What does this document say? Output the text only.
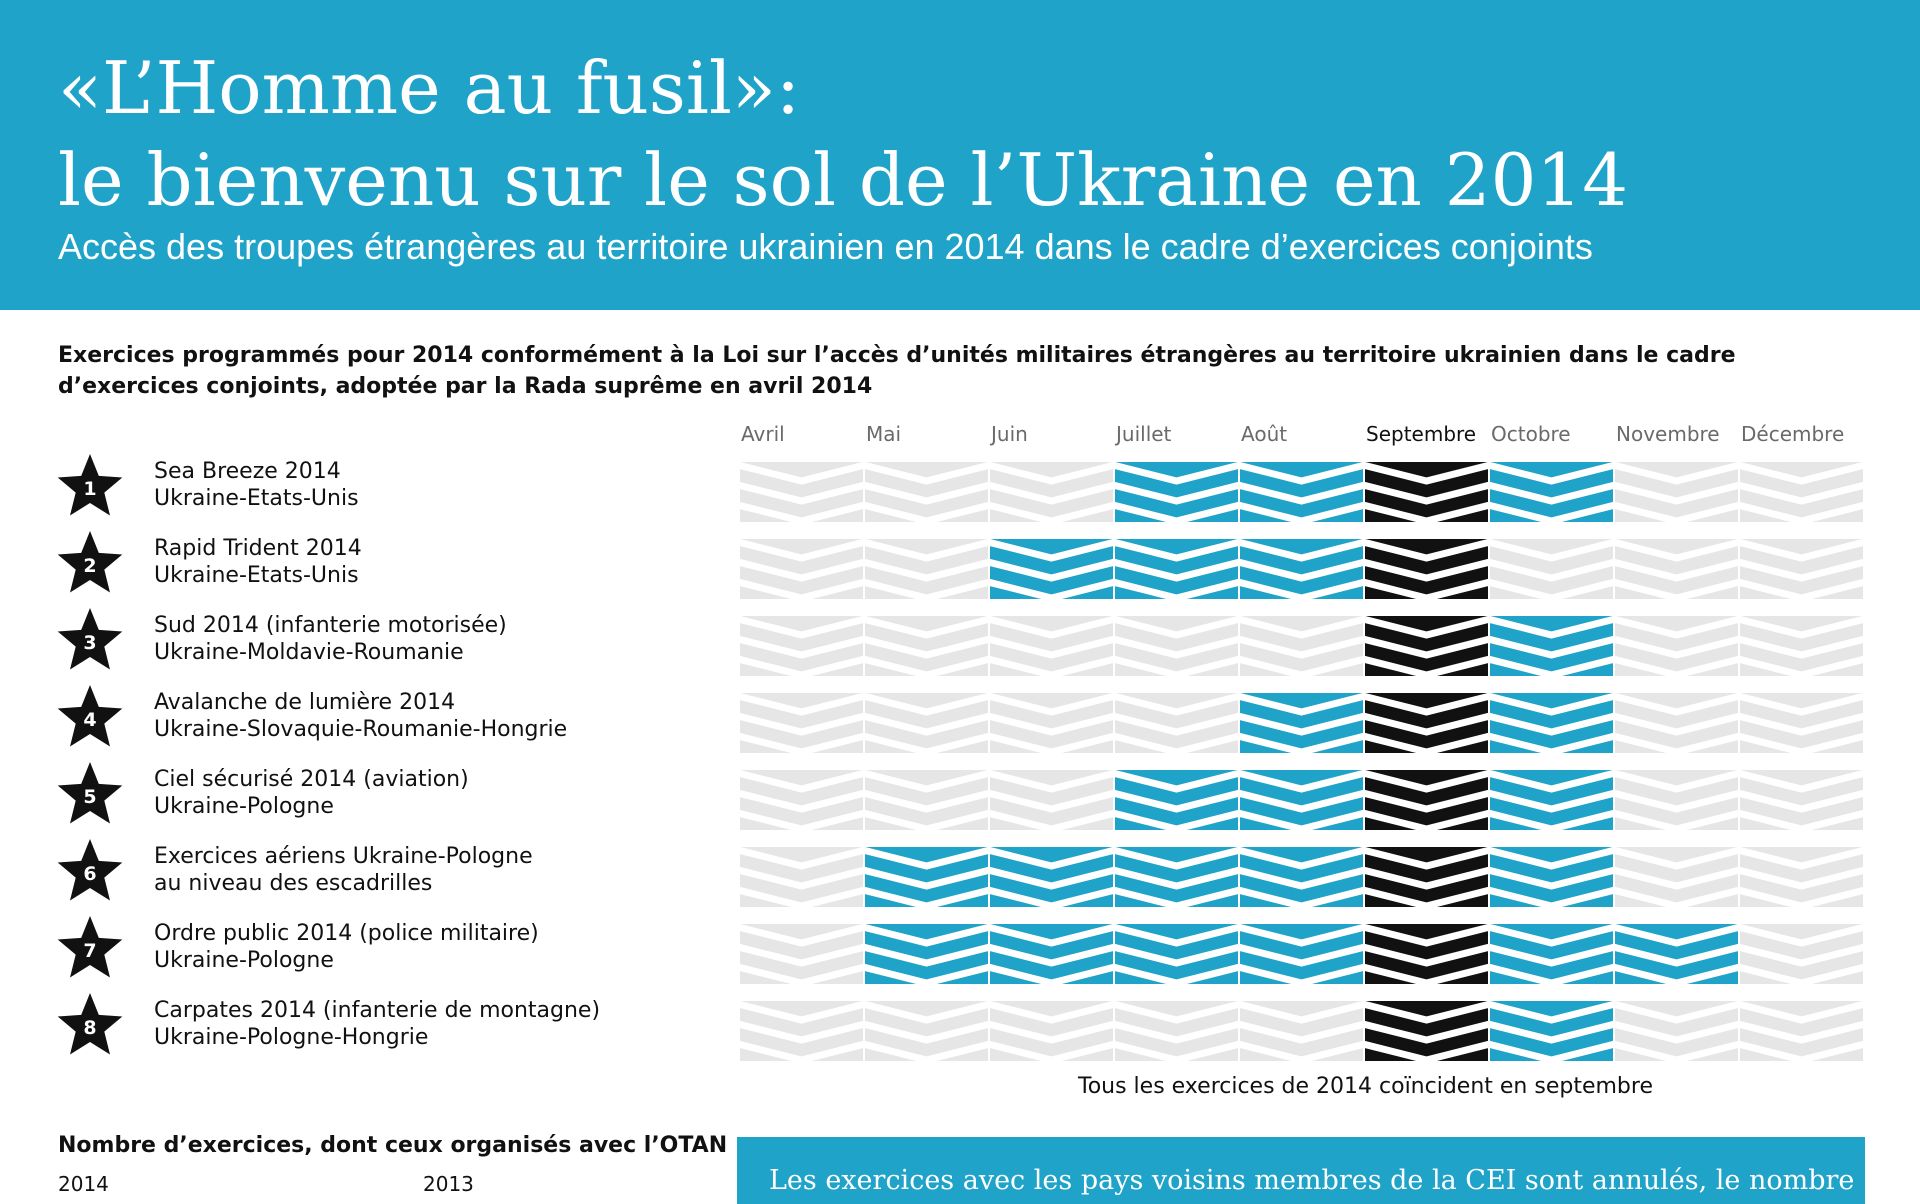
«L’Homme au fusil»:
le bienvenu sur le sol de l’Ukraine en 2014
Accès des troupes étrangères au territoire ukrainien en 2014 dans le cadre d’exercices conjoints
Exercices programmés pour 2014 conformément à la Loi sur l’accès d’unités militaires étrangères au territoire ukrainien dans le cadre d’exercices conjoints, adoptée par la Rada suprême en avril 2014
Avril	Mai	Juin	Juillet	Août	Septembre Octobre Novembre Décembre
1
Sea Breeze 2014
Ukraine-Etats-Unis
2
Rapid Trident 2014
Ukraine-Etats-Unis
3
Sud 2014 (infanterie motorisée)
Ukraine-Moldavie-Roumanie
4
Avalanche de lumière 2014
Ukraine-Slovaquie-Roumanie-Hongrie
5
Ciel sécurisé 2014 (aviation)
Ukraine-Pologne
6
Exercices aériens Ukraine-Pologne
au niveau des escadrilles
7
Ordre public 2014 (police militaire)
Ukraine-Pologne
8
Carpates 2014 (infanterie de montagne)
Ukraine-Pologne-Hongrie
Tous les exercices de 2014 coïncident en septembre
Nombre d’exercices, dont ceux organisés avec l’OTAN
2014	2013	Les exercices avec les pays voisins membres de la CEI sont annulés, le nombre
